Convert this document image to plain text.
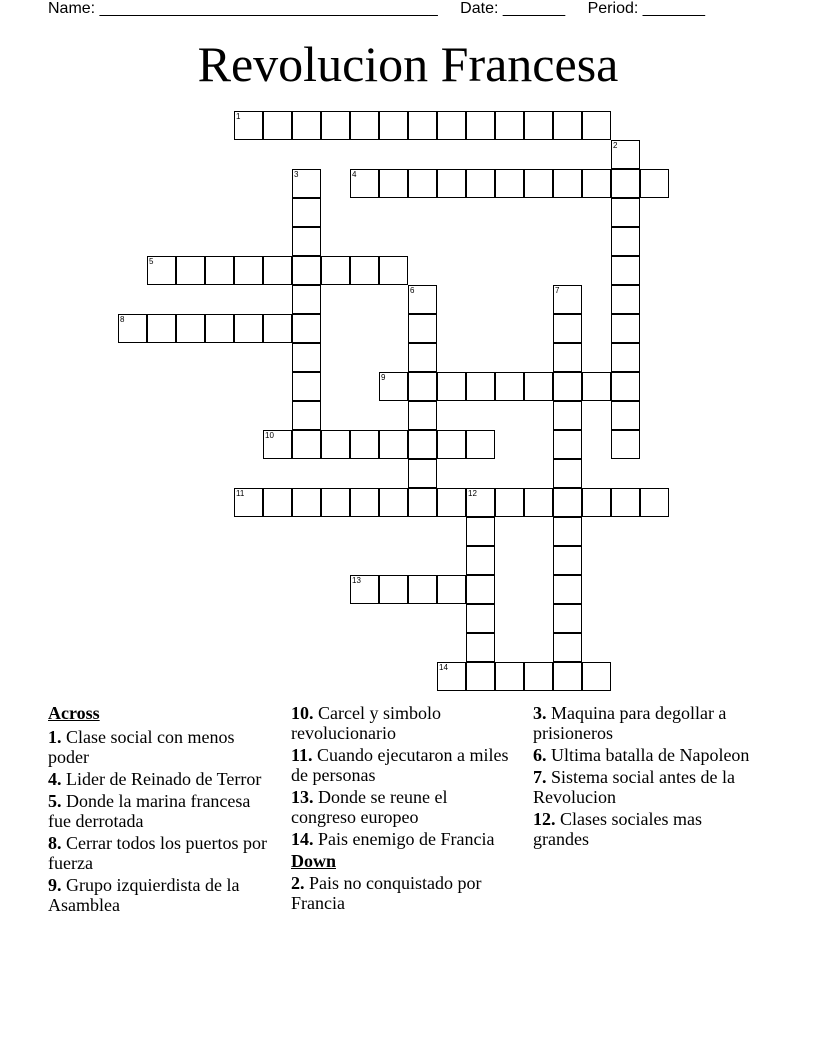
Name: ______________________________________ Date: _______ Period: _______
Revolucion Francesa
1
2
3	4
5
6	7
8
9
10
11	12
13
14
Across
1. Clase social con menos poder
4. Lider de Reinado de Terror
5. Donde la marina francesa fue derrotada
8. Cerrar todos los puertos por fuerza
9. Grupo izquierdista de la Asamblea
10. Carcel y simbolo revolucionario
11. Cuando ejecutaron a miles de personas
13. Donde se reune el congreso europeo
14. Pais enemigo de Francia
Down
2. Pais no conquistado por Francia
3. Maquina para degollar a prisioneros
6. Ultima batalla de Napoleon
7. Sistema social antes de la Revolucion
12. Clases sociales mas grandes
